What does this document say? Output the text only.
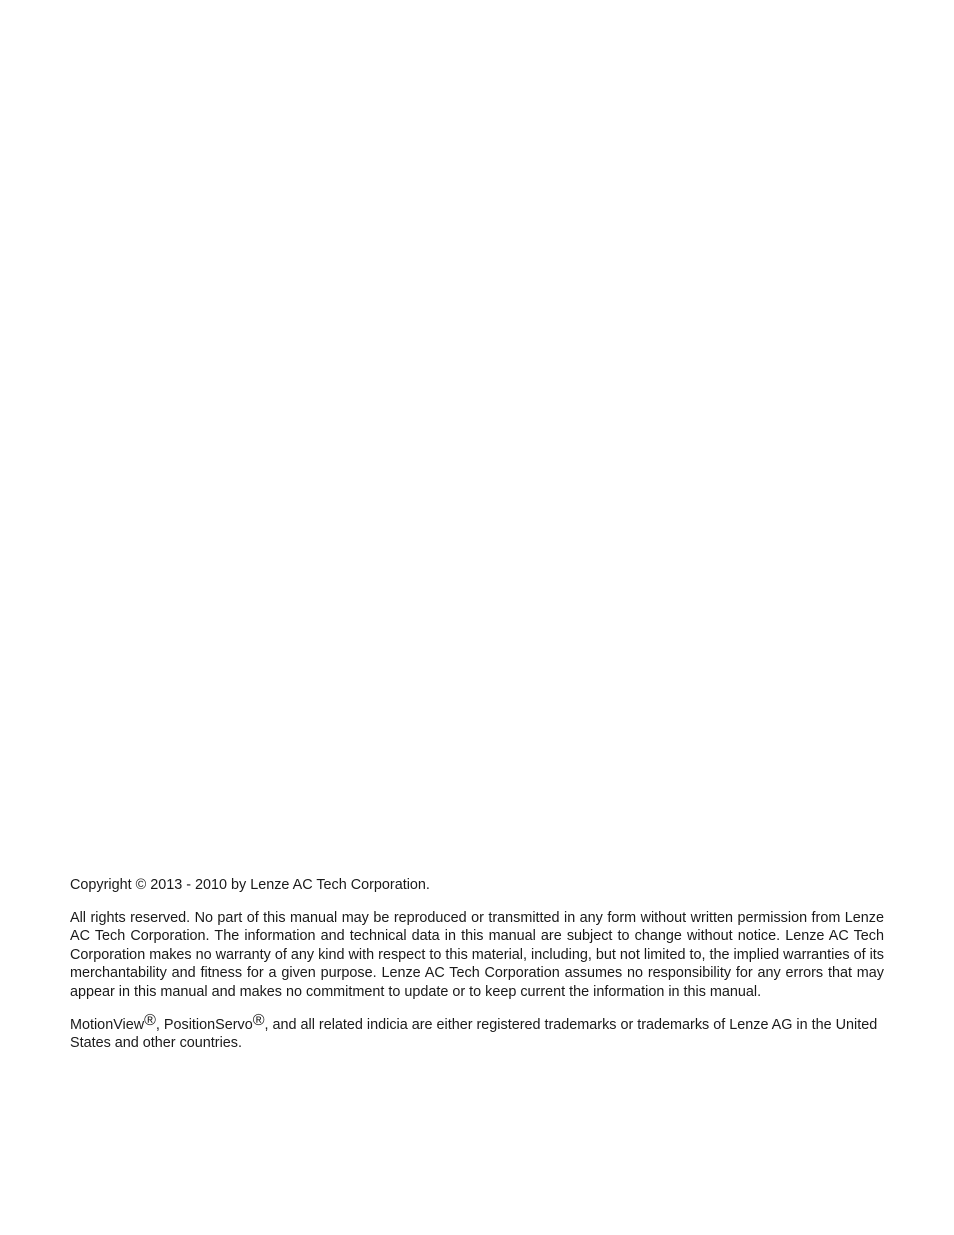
Copyright © 2013 - 2010 by Lenze AC Tech Corporation.

All rights reserved. No part of this manual may be reproduced or transmitted in any form without written permission from Lenze AC Tech Corporation. The information and technical data in this manual are subject to change without notice. Lenze AC Tech Corporation makes no warranty of any kind with respect to this material, including, but not limited to, the implied warranties of its merchantability and fitness for a given purpose. Lenze AC Tech Corporation assumes no responsibility for any errors that may appear in this manual and makes no commitment to update or to keep current the information in this manual.

MotionView®, PositionServo®, and all related indicia are either registered trademarks or trademarks of Lenze AG in the United States and other countries.
